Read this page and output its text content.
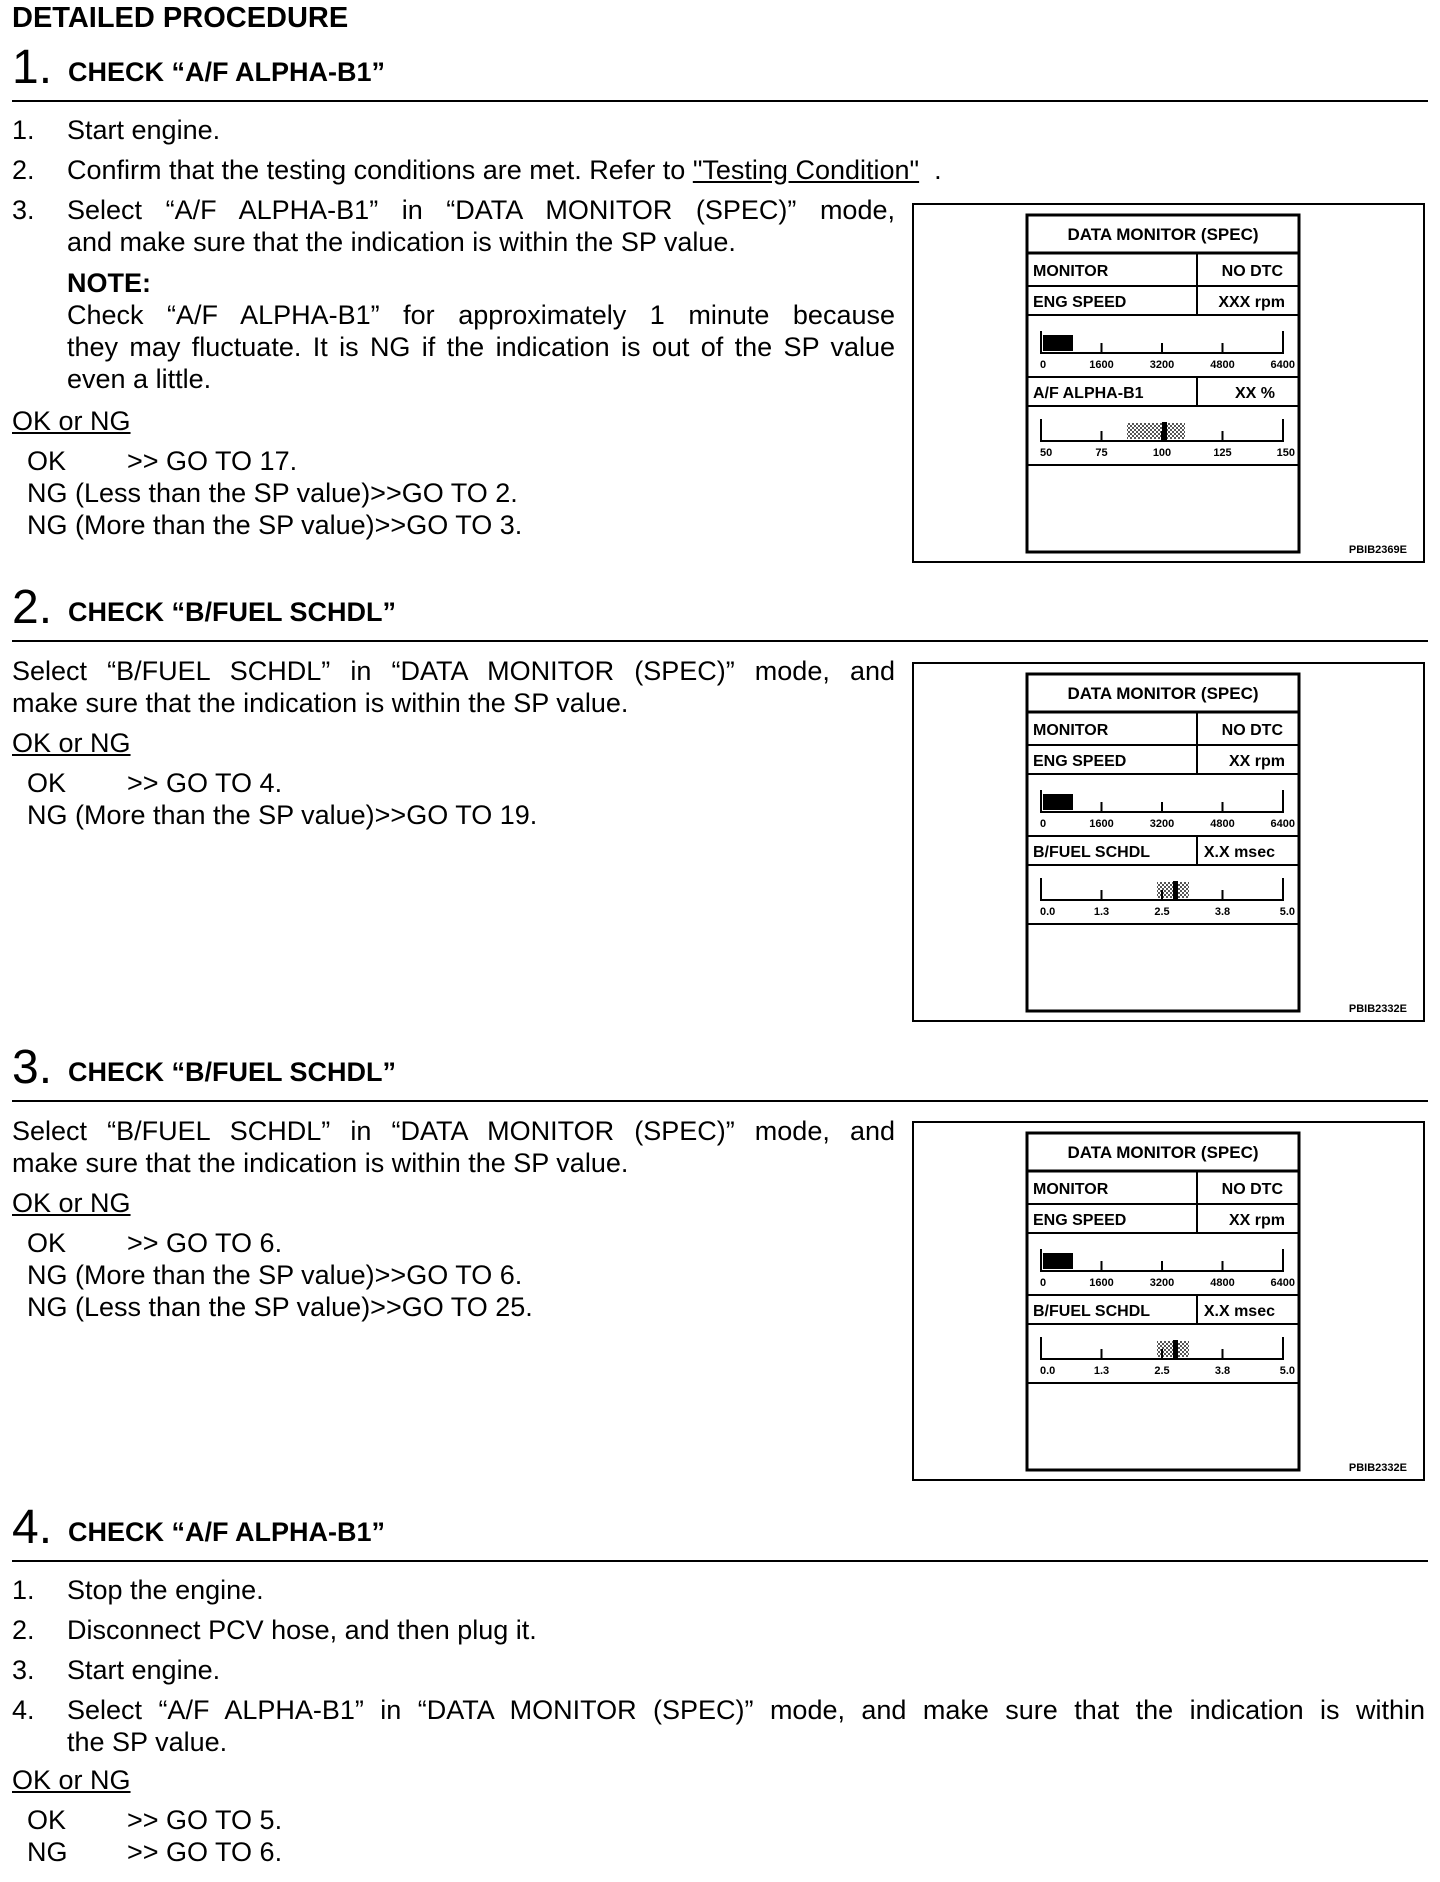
DETAILED PROCEDURE
1. CHECK “A/F ALPHA-B1”
1. Start engine.
2. Confirm that the testing conditions are met. Refer to "Testing Condition"  .
3. Select “A/F ALPHA-B1” in “DATA MONITOR (SPEC)” mode,
and make sure that the indication is within the SP value.
NOTE:
Check “A/F ALPHA-B1” for approximately 1 minute because
they may fluctuate. It is NG if the indication is out of the SP value
even a little.
OK or NG
OK >> GO TO 17.
NG (Less than the SP value)>>GO TO 2.
NG (More than the SP value)>>GO TO 3.
DATA MONITOR (SPEC)
MONITOR	NO DTC
ENG SPEED	XXX rpm
0	1600	3200	4800	6400
A/F ALPHA-B1	XX %
50	75	100	125	150
PBIB2369E
2. CHECK “B/FUEL SCHDL”
Select “B/FUEL SCHDL” in “DATA MONITOR (SPEC)” mode, and
make sure that the indication is within the SP value.
OK or NG
OK >> GO TO 4.
NG (More than the SP value)>>GO TO 19.
DATA MONITOR (SPEC)
MONITOR	NO DTC
ENG SPEED	XX rpm
0	1600	3200	4800	6400
B/FUEL SCHDL	X.X msec
0.0	1.3	2.5	3.8	5.0
PBIB2332E
3. CHECK “B/FUEL SCHDL”
Select “B/FUEL SCHDL” in “DATA MONITOR (SPEC)” mode, and
make sure that the indication is within the SP value.
OK or NG
OK >> GO TO 6.
NG (More than the SP value)>>GO TO 6.
NG (Less than the SP value)>>GO TO 25.
DATA MONITOR (SPEC)
MONITOR	NO DTC
ENG SPEED	XX rpm
0	1600	3200	4800	6400
B/FUEL SCHDL	X.X msec
0.0	1.3	2.5	3.8	5.0
PBIB2332E
4. CHECK “A/F ALPHA-B1”
1. Stop the engine.
2. Disconnect PCV hose, and then plug it.
3. Start engine.
4. Select “A/F ALPHA-B1” in “DATA MONITOR (SPEC)” mode, and make sure that the indication is within
the SP value.
OK or NG
OK >> GO TO 5.
NG >> GO TO 6.
